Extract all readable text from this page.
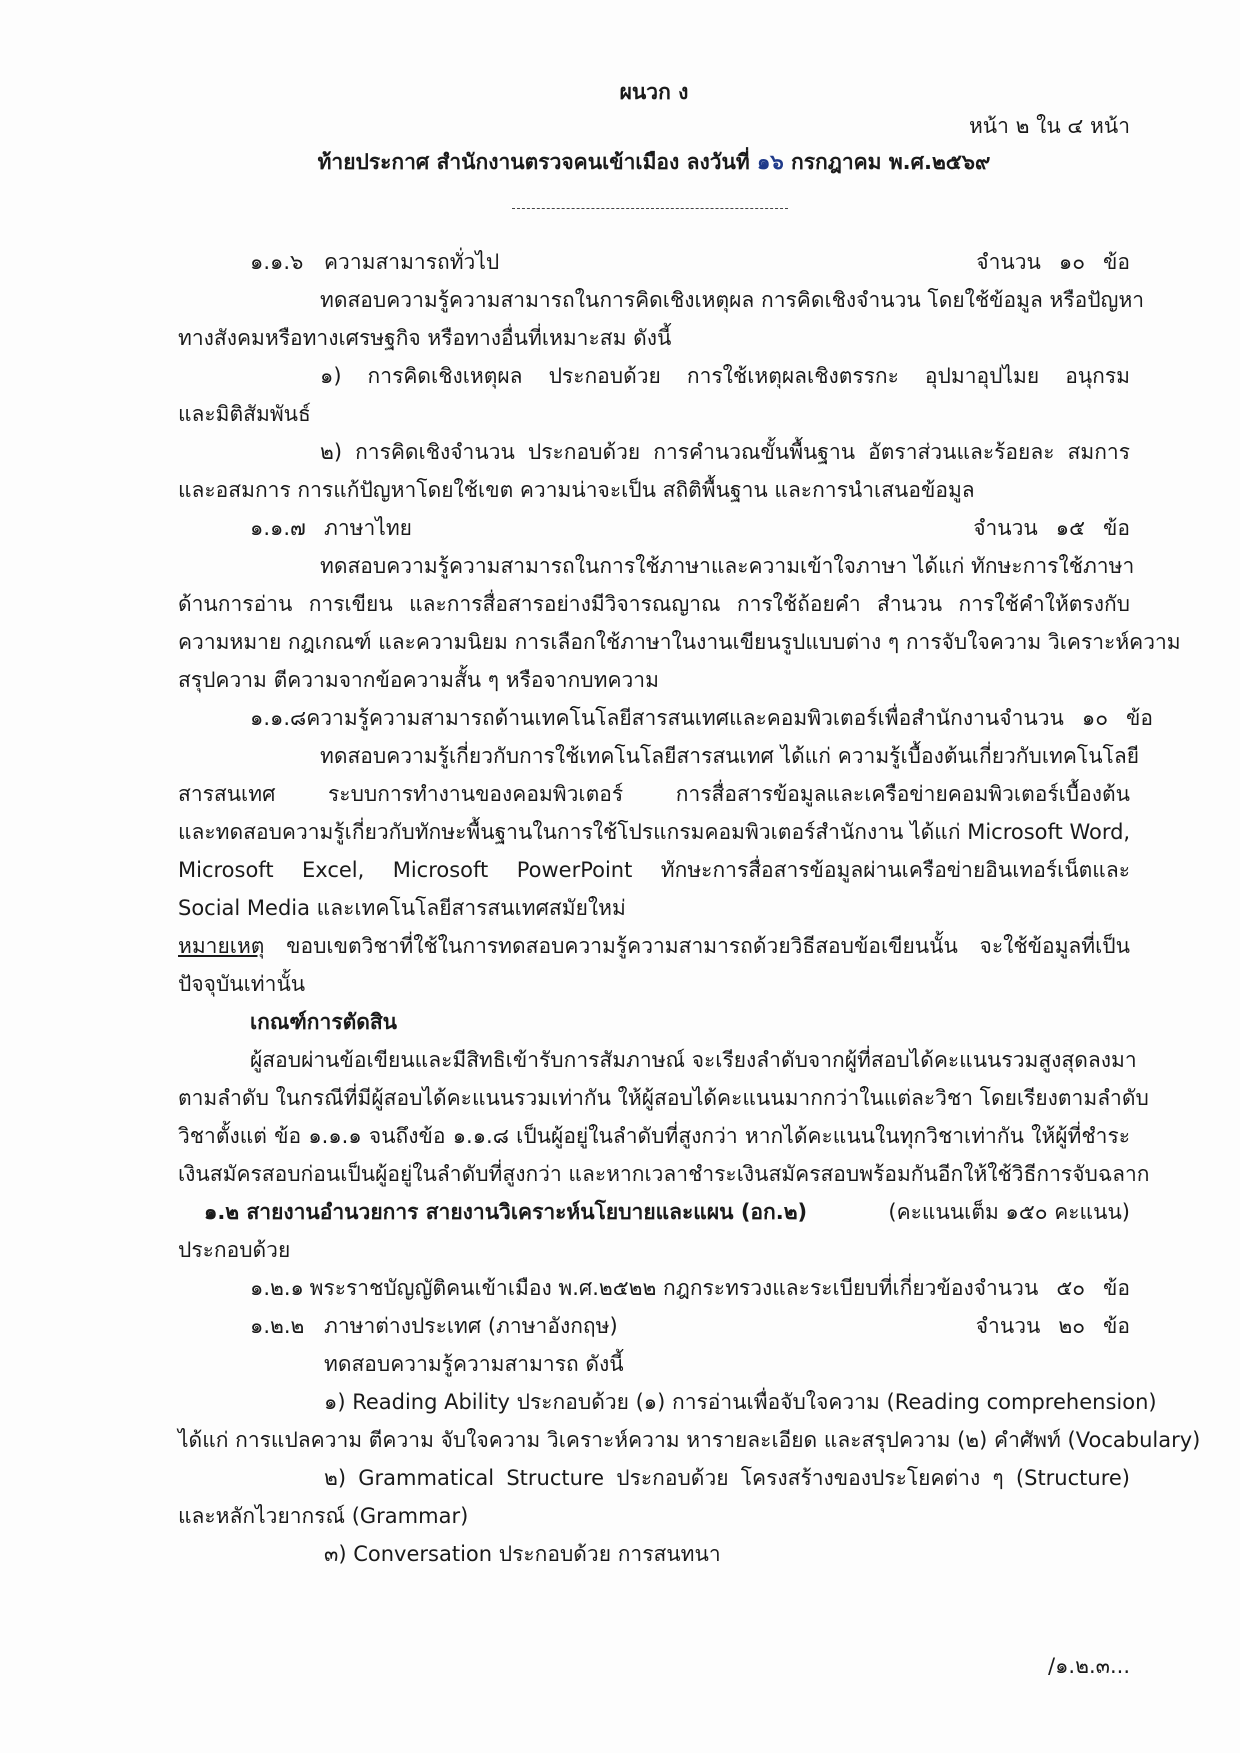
ผนวก ง
หน้า ๒ ใน ๔ หน้า
ท้ายประกาศ สำนักงานตรวจคนเข้าเมือง ลงวันที่ ๑๖ กรกฎาคม พ.ศ.๒๕๖๙
๑.๑.๖ ความสามารถทั่วไป	จำนวน ๑๐ ข้อ
ทดสอบความรู้ความสามารถในการคิดเชิงเหตุผล การคิดเชิงจำนวน โดยใช้ข้อมูล หรือปัญหา
ทางสังคมหรือทางเศรษฐกิจ หรือทางอื่นที่เหมาะสม ดังนี้
๑) การคิดเชิงเหตุผล ประกอบด้วย การใช้เหตุผลเชิงตรรกะ อุปมาอุปไมย อนุกรม
และมิติสัมพันธ์
๒) การคิดเชิงจำนวน ประกอบด้วย การคำนวณขั้นพื้นฐาน อัตราส่วนและร้อยละ สมการ
และอสมการ การแก้ปัญหาโดยใช้เขต ความน่าจะเป็น สถิติพื้นฐาน และการนำเสนอข้อมูล
๑.๑.๗ ภาษาไทย	จำนวน ๑๕ ข้อ
ทดสอบความรู้ความสามารถในการใช้ภาษาและความเข้าใจภาษา ได้แก่ ทักษะการใช้ภาษา
ด้านการอ่าน การเขียน และการสื่อสารอย่างมีวิจารณญาณ การใช้ถ้อยคำ สำนวน การใช้คำให้ตรงกับ
ความหมาย กฎเกณฑ์ และความนิยม การเลือกใช้ภาษาในงานเขียนรูปแบบต่าง ๆ การจับใจความ วิเคราะห์ความ
สรุปความ ตีความจากข้อความสั้น ๆ หรือจากบทความ
๑.๑.๘ ความรู้ความสามารถด้านเทคโนโลยีสารสนเทศและคอมพิวเตอร์เพื่อสำนักงาน จำนวน ๑๐ ข้อ
ทดสอบความรู้เกี่ยวกับการใช้เทคโนโลยีสารสนเทศ ได้แก่ ความรู้เบื้องต้นเกี่ยวกับเทคโนโลยี
สารสนเทศ ระบบการทำงานของคอมพิวเตอร์ การสื่อสารข้อมูลและเครือข่ายคอมพิวเตอร์เบื้องต้น
และทดสอบความรู้เกี่ยวกับทักษะพื้นฐานในการใช้โปรแกรมคอมพิวเตอร์สำนักงาน ได้แก่ Microsoft Word,
Microsoft Excel, Microsoft PowerPoint ทักษะการสื่อสารข้อมูลผ่านเครือข่ายอินเทอร์เน็ตและ
Social Media และเทคโนโลยีสารสนเทศสมัยใหม่
หมายเหตุ ขอบเขตวิชาที่ใช้ในการทดสอบความรู้ความสามารถด้วยวิธีสอบข้อเขียนนั้น จะใช้ข้อมูลที่เป็น
ปัจจุบันเท่านั้น
เกณฑ์การตัดสิน
ผู้สอบผ่านข้อเขียนและมีสิทธิเข้ารับการสัมภาษณ์ จะเรียงลำดับจากผู้ที่สอบได้คะแนนรวมสูงสุดลงมา
ตามลำดับ ในกรณีที่มีผู้สอบได้คะแนนรวมเท่ากัน ให้ผู้สอบได้คะแนนมากกว่าในแต่ละวิชา โดยเรียงตามลำดับ
วิชาตั้งแต่ ข้อ ๑.๑.๑ จนถึงข้อ ๑.๑.๘ เป็นผู้อยู่ในลำดับที่สูงกว่า หากได้คะแนนในทุกวิชาเท่ากัน ให้ผู้ที่ชำระ
เงินสมัครสอบก่อนเป็นผู้อยู่ในลำดับที่สูงกว่า และหากเวลาชำระเงินสมัครสอบพร้อมกันอีกให้ใช้วิธีการจับฉลาก
๑.๒ สายงานอำนวยการ สายงานวิเคราะห์นโยบายและแผน (อก.๒)	(คะแนนเต็ม ๑๕๐ คะแนน)
ประกอบด้วย
๑.๒.๑ พระราชบัญญัติคนเข้าเมือง พ.ศ.๒๕๒๒ กฎกระทรวงและระเบียบที่เกี่ยวข้อง จำนวน ๕๐ ข้อ
๑.๒.๒ ภาษาต่างประเทศ (ภาษาอังกฤษ)	จำนวน ๒๐ ข้อ
ทดสอบความรู้ความสามารถ ดังนี้
๑) Reading Ability ประกอบด้วย (๑) การอ่านเพื่อจับใจความ (Reading comprehension)
ได้แก่ การแปลความ ตีความ จับใจความ วิเคราะห์ความ หารายละเอียด และสรุปความ (๒) คำศัพท์ (Vocabulary)
๒) Grammatical Structure ประกอบด้วย โครงสร้างของประโยคต่าง ๆ (Structure)
และหลักไวยากรณ์ (Grammar)
๓) Conversation ประกอบด้วย การสนทนา
/๑.๒.๓...
